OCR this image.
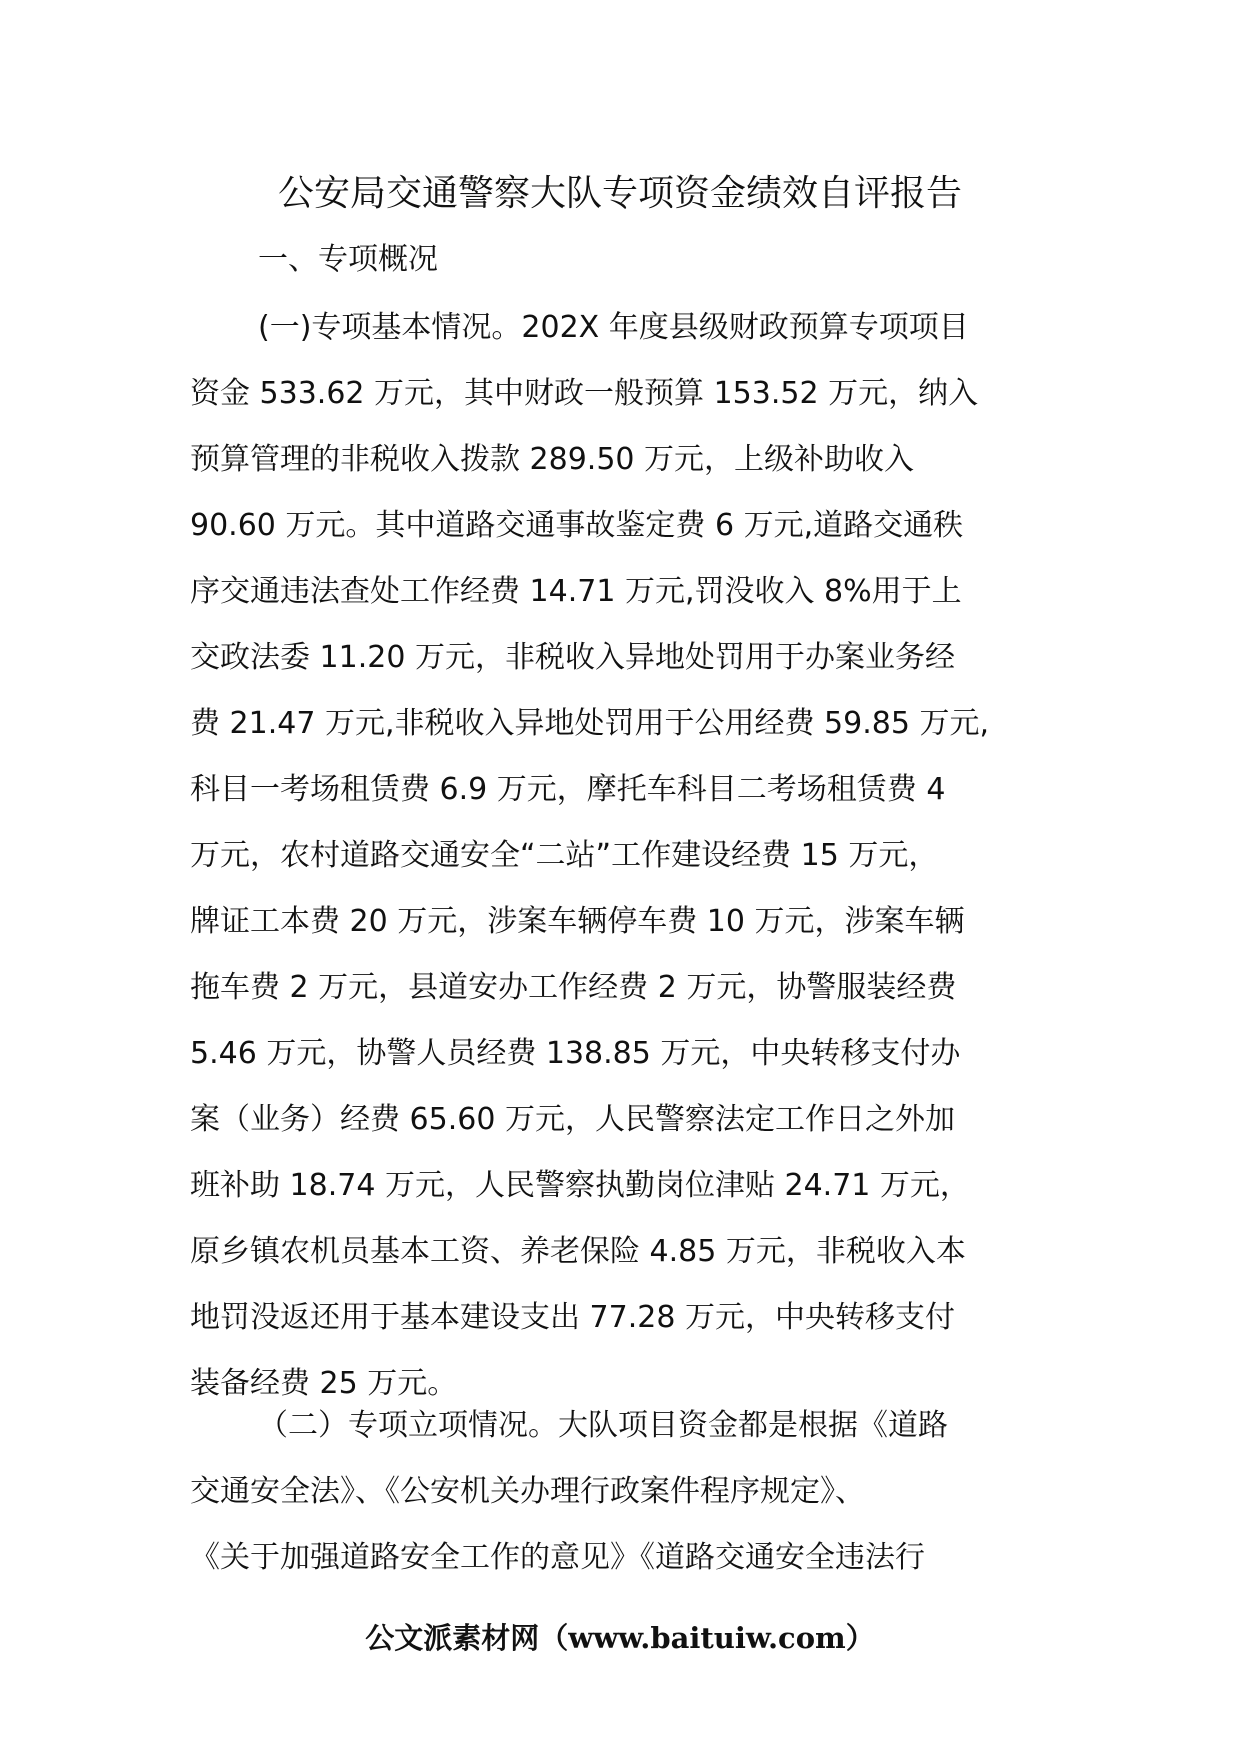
公安局交通警察大队专项资金绩效自评报告
一、专项概况
(一)专项基本情况。202X 年度县级财政预算专项项目
资金 533.62 万元，其中财政一般预算 153.52 万元，纳入
预算管理的非税收入拨款 289.50 万元，上级补助收入
90.60 万元。其中道路交通事故鉴定费 6 万元,道路交通秩
序交通违法查处工作经费 14.71 万元,罚没收入 8%用于上
交政法委 11.20 万元，非税收入异地处罚用于办案业务经
费 21.47 万元,非税收入异地处罚用于公用经费 59.85 万元,
科目一考场租赁费 6.9 万元，摩托车科目二考场租赁费 4
万元，农村道路交通安全“二站”工作建设经费 15 万元，
牌证工本费 20 万元，涉案车辆停车费 10 万元，涉案车辆
拖车费 2 万元，县道安办工作经费 2 万元，协警服装经费
5.46 万元，协警人员经费 138.85 万元，中央转移支付办
案（业务）经费 65.60 万元，人民警察法定工作日之外加
班补助 18.74 万元，人民警察执勤岗位津贴 24.71 万元，
原乡镇农机员基本工资、养老保险 4.85 万元，非税收入本
地罚没返还用于基本建设支出 77.28 万元，中央转移支付
装备经费 25 万元。
（二）专项立项情况。大队项目资金都是根据《道路
交通安全法》、《公安机关办理行政案件程序规定》、
《关于加强道路安全工作的意见》《道路交通安全违法行
公文派素材网（www.baituiw.com）
